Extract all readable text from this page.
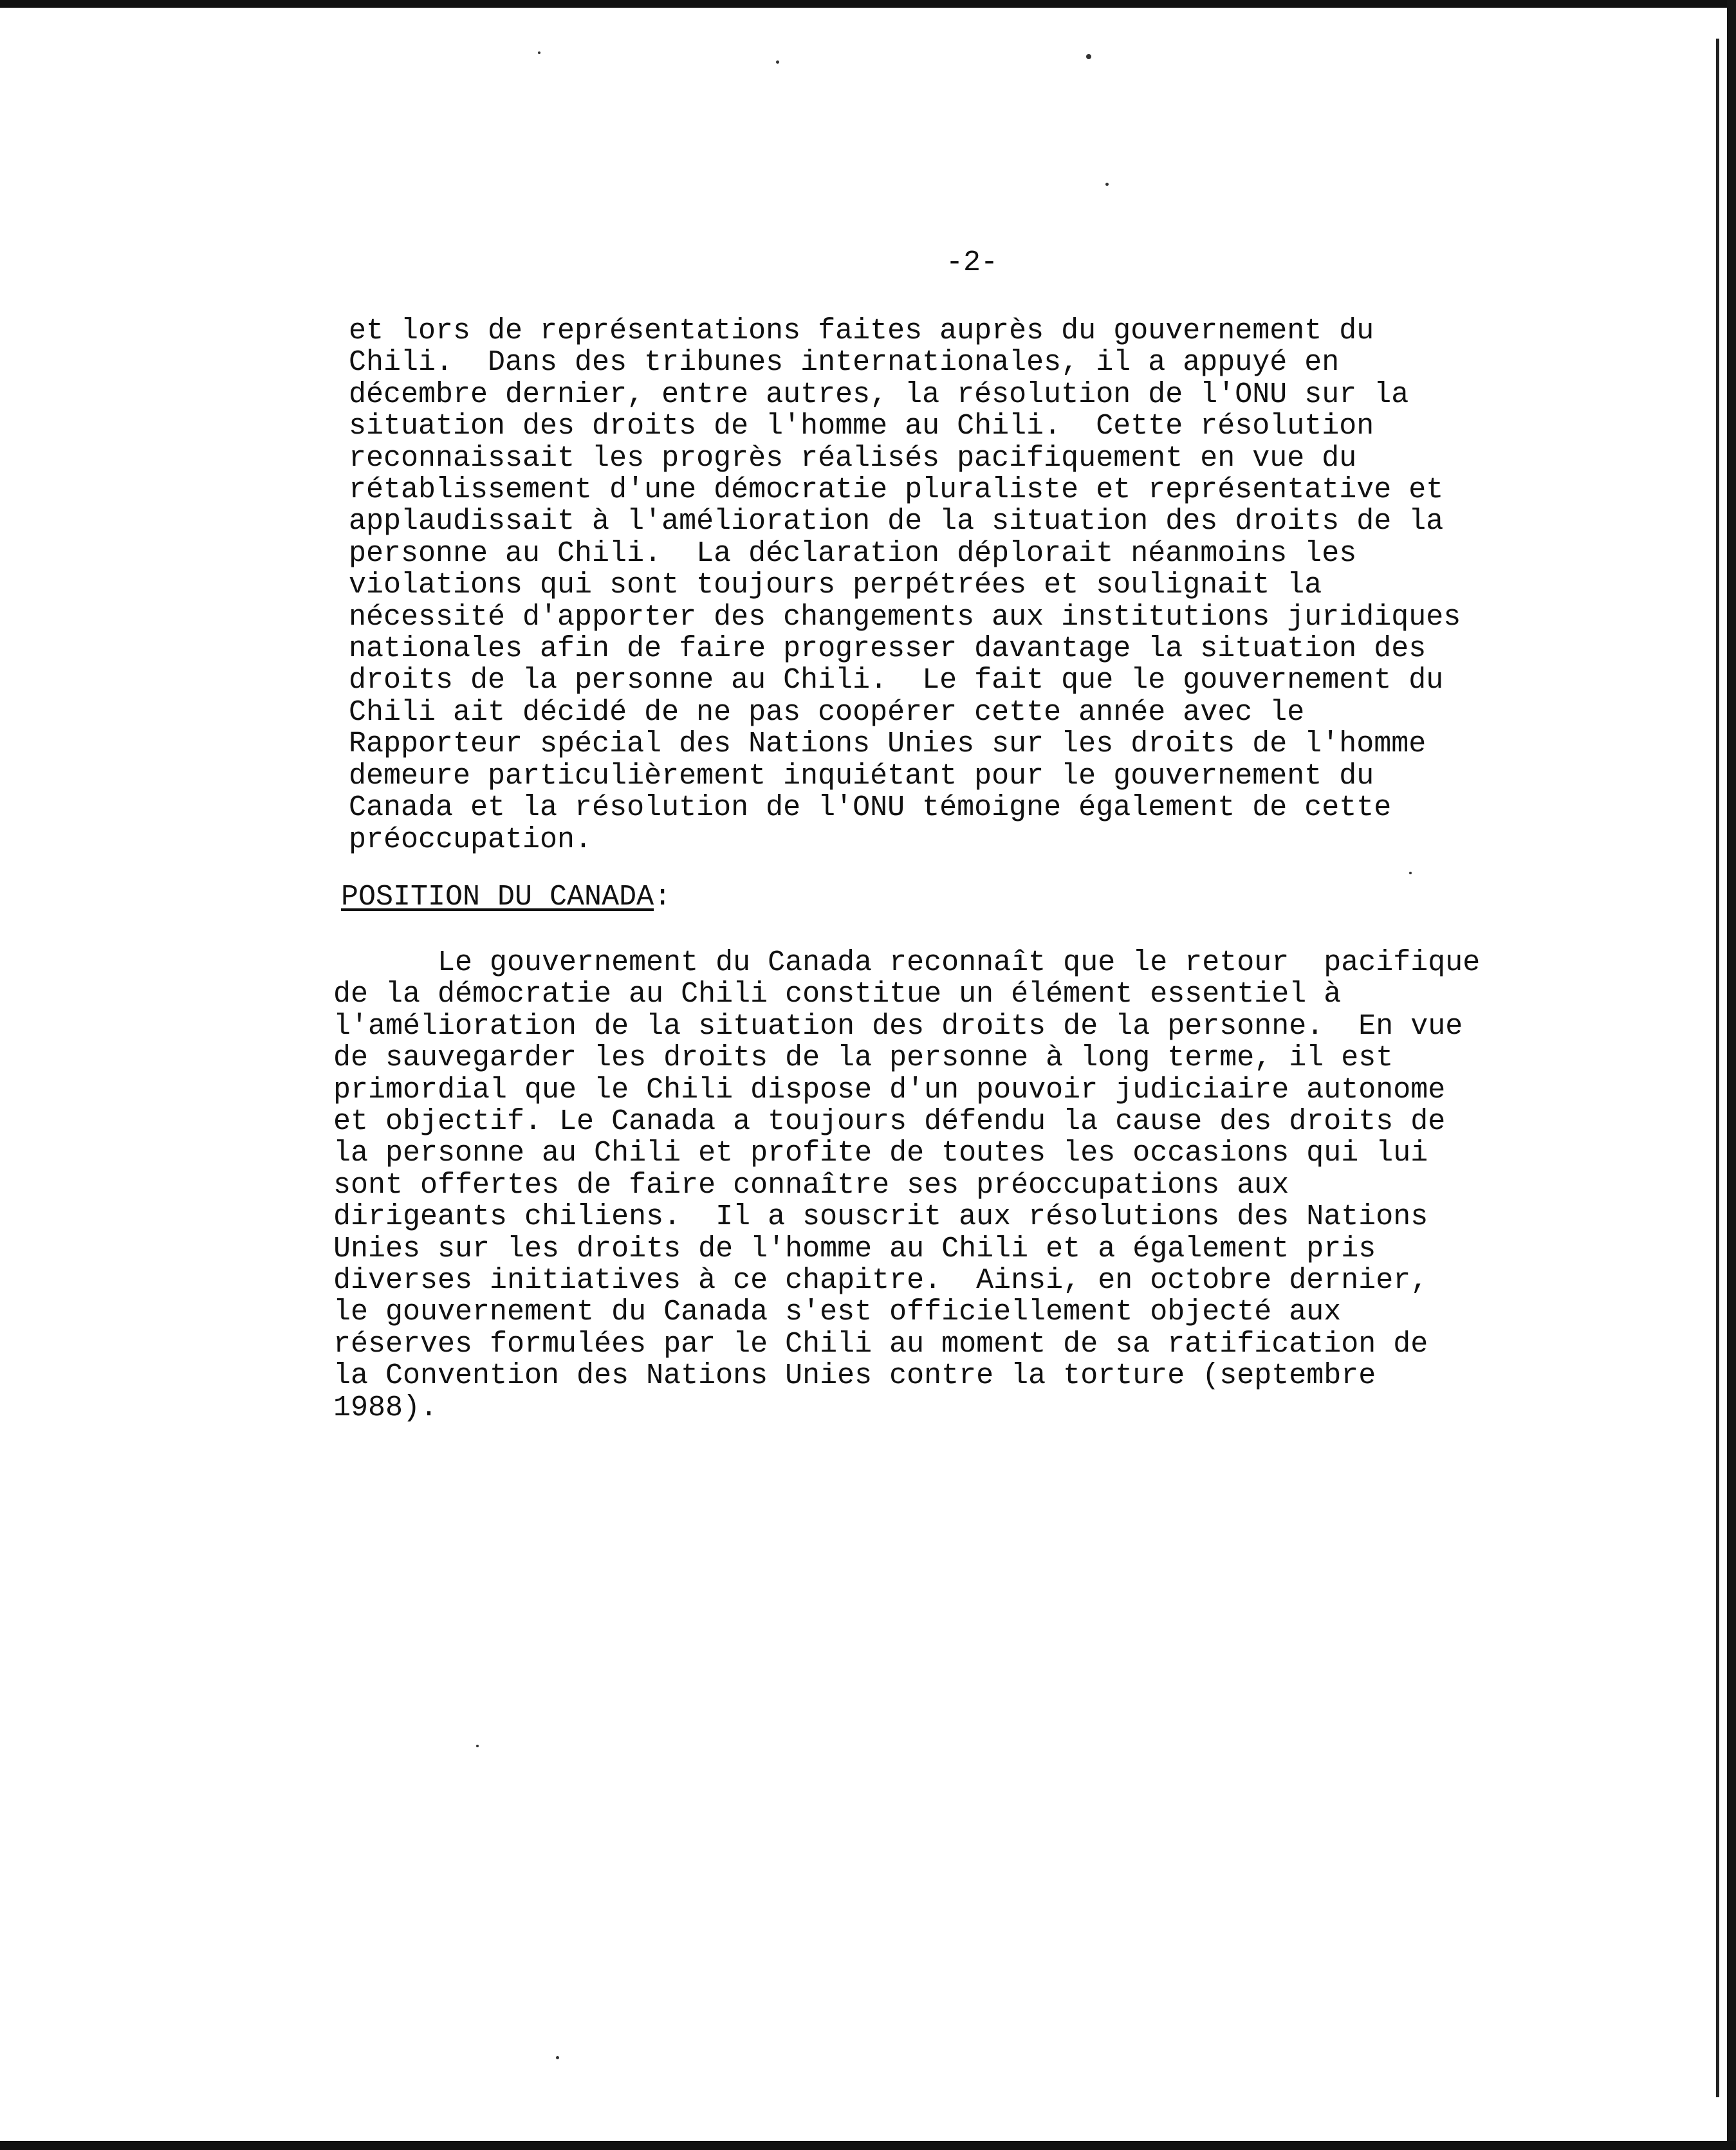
-2-
et lors de représentations faites auprès du gouvernement du
Chili.  Dans des tribunes internationales, il a appuyé en
décembre dernier, entre autres, la résolution de l'ONU sur la
situation des droits de l'homme au Chili.  Cette résolution
reconnaissait les progrès réalisés pacifiquement en vue du
rétablissement d'une démocratie pluraliste et représentative et
applaudissait à l'amélioration de la situation des droits de la
personne au Chili.  La déclaration déplorait néanmoins les
violations qui sont toujours perpétrées et soulignait la
nécessité d'apporter des changements aux institutions juridiques
nationales afin de faire progresser davantage la situation des
droits de la personne au Chili.  Le fait que le gouvernement du
Chili ait décidé de ne pas coopérer cette année avec le
Rapporteur spécial des Nations Unies sur les droits de l'homme
demeure particulièrement inquiétant pour le gouvernement du
Canada et la résolution de l'ONU témoigne également de cette
préoccupation.
POSITION DU CANADA:
Le gouvernement du Canada reconnaît que le retour  pacifique
de la démocratie au Chili constitue un élément essentiel à
l'amélioration de la situation des droits de la personne.  En vue
de sauvegarder les droits de la personne à long terme, il est
primordial que le Chili dispose d'un pouvoir judiciaire autonome
et objectif. Le Canada a toujours défendu la cause des droits de
la personne au Chili et profite de toutes les occasions qui lui
sont offertes de faire connaître ses préoccupations aux
dirigeants chiliens.  Il a souscrit aux résolutions des Nations
Unies sur les droits de l'homme au Chili et a également pris
diverses initiatives à ce chapitre.  Ainsi, en octobre dernier,
le gouvernement du Canada s'est officiellement objecté aux
réserves formulées par le Chili au moment de sa ratification de
la Convention des Nations Unies contre la torture (septembre
1988).
